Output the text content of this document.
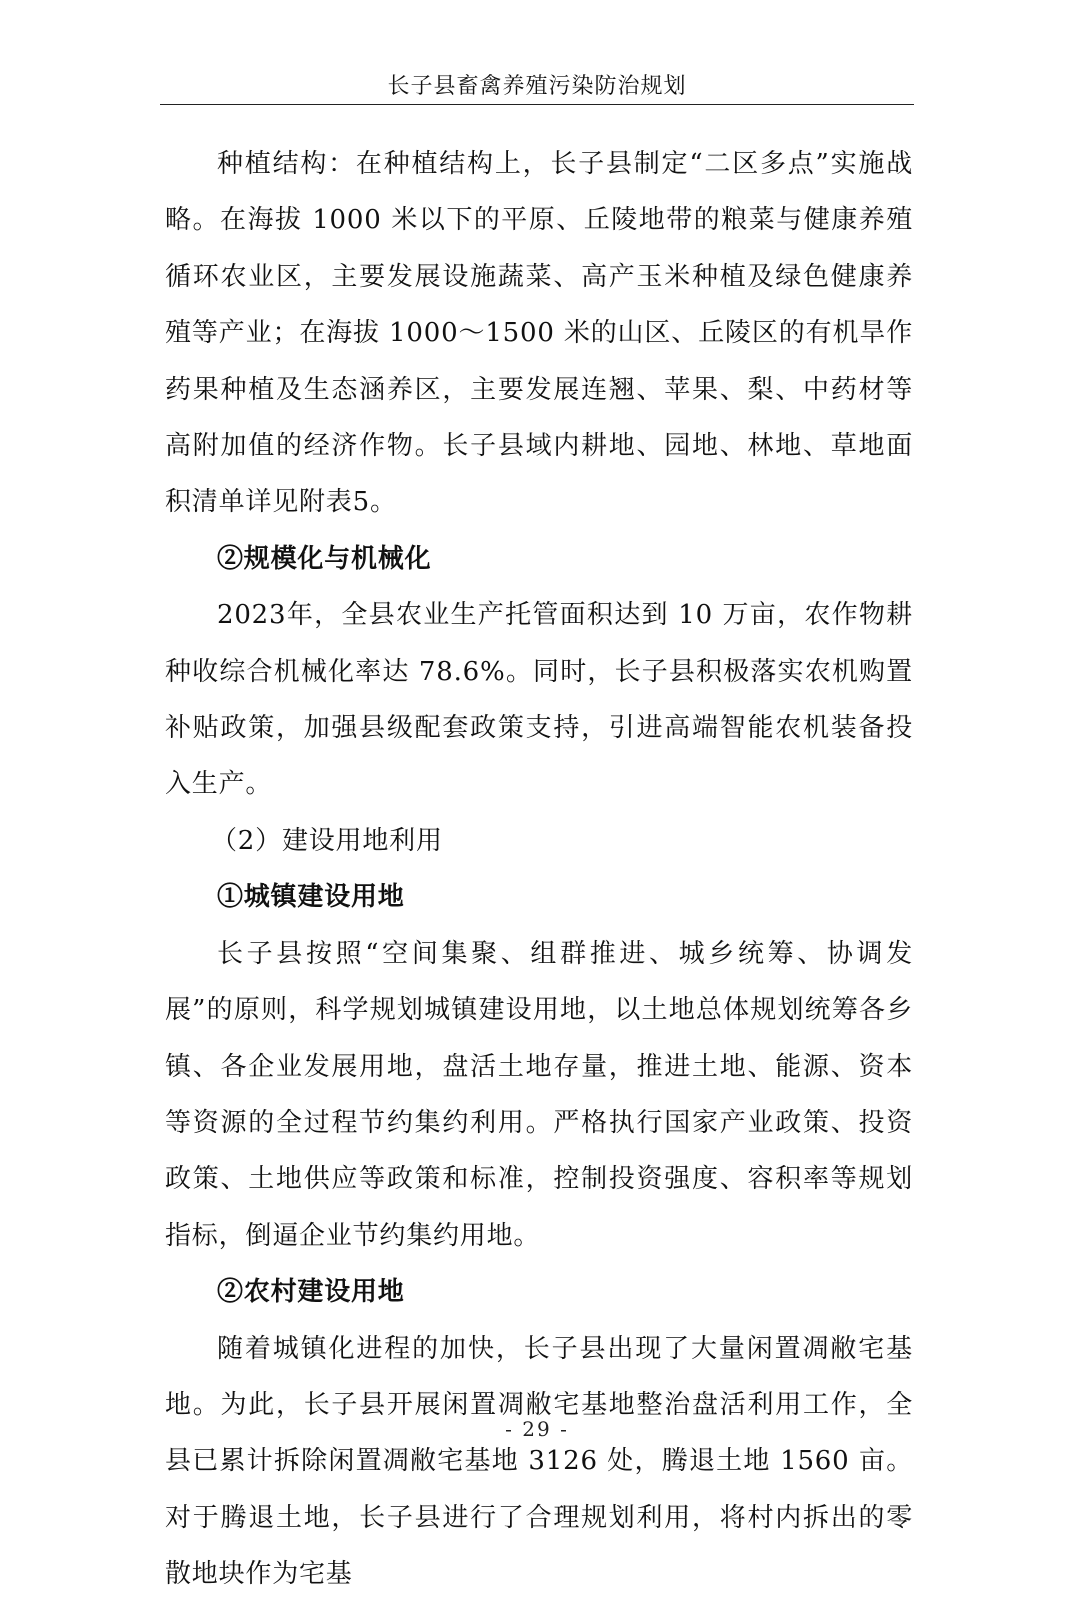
长子县畜禽养殖污染防治规划

种植结构：在种植结构上，长子县制定“二区多点”实施战略。在海拔 1000 米以下的平原、丘陵地带的粮菜与健康养殖循环农业区，主要发展设施蔬菜、高产玉米种植及绿色健康养殖等产业；在海拔 1000～1500 米的山区、丘陵区的有机旱作药果种植及生态涵养区，主要发展连翘、苹果、梨、中药材等高附加值的经济作物。长子县域内耕地、园地、林地、草地面积清单详见附表5。

②规模化与机械化

2023年，全县农业生产托管面积达到 10 万亩，农作物耕种收综合机械化率达 78.6%。同时，长子县积极落实农机购置补贴政策，加强县级配套政策支持，引进高端智能农机装备投入生产。

（2）建设用地利用

①城镇建设用地

长子县按照“空间集聚、组群推进、城乡统筹、协调发展”的原则，科学规划城镇建设用地，以土地总体规划统筹各乡镇、各企业发展用地，盘活土地存量，推进土地、能源、资本等资源的全过程节约集约利用。严格执行国家产业政策、投资政策、土地供应等政策和标准，控制投资强度、容积率等规划指标，倒逼企业节约集约用地。

②农村建设用地

随着城镇化进程的加快，长子县出现了大量闲置凋敝宅基地。为此，长子县开展闲置凋敝宅基地整治盘活利用工作，全县已累计拆除闲置凋敝宅基地 3126 处，腾退土地 1560 亩。对于腾退土地，长子县进行了合理规划利用，将村内拆出的零散地块作为宅基

- 29 -
